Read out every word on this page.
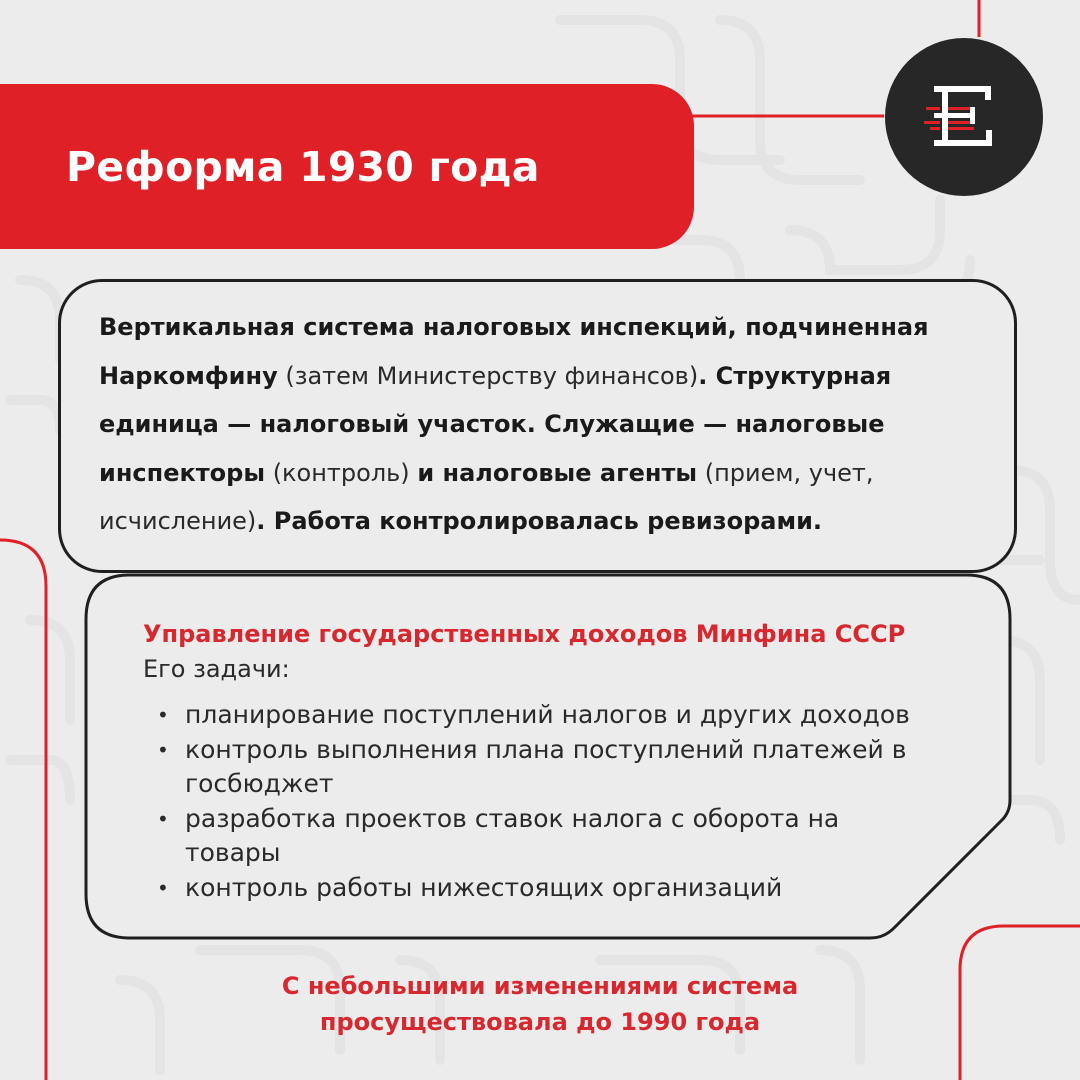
Реформа 1930 года

Вертикальная система налоговых инспекций, подчиненная Наркомфину (затем Министерству финансов). Структурная единица — налоговый участок. Служащие — налоговые инспекторы (контроль) и налоговые агенты (прием, учет, исчисление). Работа контролировалась ревизорами.

Управление государственных доходов Минфина СССР

Его задачи:

• планирование поступлений налогов и других доходов
• контроль выполнения плана поступлений платежей в госбюджет
• разработка проектов ставок налога с оборота на товары
• контроль работы нижестоящих организаций

С небольшими изменениями система
просуществовала до 1990 года
